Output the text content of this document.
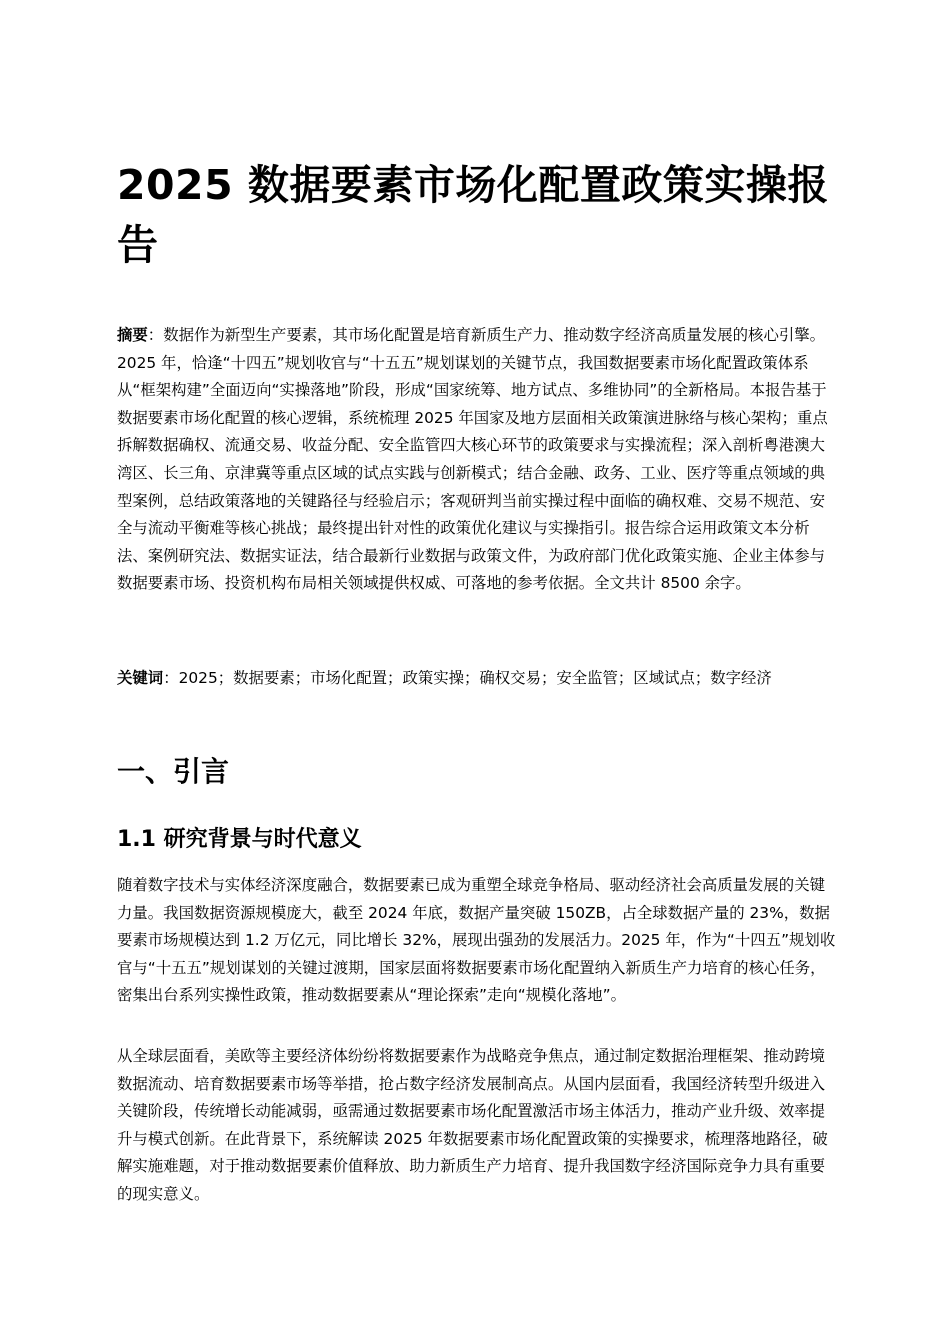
2025 数据要素市场化配置政策实操报告

摘要：数据作为新型生产要素，其市场化配置是培育新质生产力、推动数字经济高质量发展的核心引擎。2025 年，恰逢“十四五”规划收官与“十五五”规划谋划的关键节点，我国数据要素市场化配置政策体系从“框架构建”全面迈向“实操落地”阶段，形成“国家统筹、地方试点、多维协同”的全新格局。本报告基于数据要素市场化配置的核心逻辑，系统梳理 2025 年国家及地方层面相关政策演进脉络与核心架构；重点拆解数据确权、流通交易、收益分配、安全监管四大核心环节的政策要求与实操流程；深入剖析粤港澳大湾区、长三角、京津冀等重点区域的试点实践与创新模式；结合金融、政务、工业、医疗等重点领域的典型案例，总结政策落地的关键路径与经验启示；客观研判当前实操过程中面临的确权难、交易不规范、安全与流动平衡难等核心挑战；最终提出针对性的政策优化建议与实操指引。报告综合运用政策文本分析法、案例研究法、数据实证法，结合最新行业数据与政策文件，为政府部门优化政策实施、企业主体参与数据要素市场、投资机构布局相关领域提供权威、可落地的参考依据。全文共计 8500 余字。

关键词：2025；数据要素；市场化配置；政策实操；确权交易；安全监管；区域试点；数字经济

一、引言
1.1 研究背景与时代意义

随着数字技术与实体经济深度融合，数据要素已成为重塑全球竞争格局、驱动经济社会高质量发展的关键力量。我国数据资源规模庞大，截至 2024 年底，数据产量突破 150ZB，占全球数据产量的 23%，数据要素市场规模达到 1.2 万亿元，同比增长 32%，展现出强劲的发展活力。2025 年，作为“十四五”规划收官与“十五五”规划谋划的关键过渡期，国家层面将数据要素市场化配置纳入新质生产力培育的核心任务，密集出台系列实操性政策，推动数据要素从“理论探索”走向“规模化落地”。

从全球层面看，美欧等主要经济体纷纷将数据要素作为战略竞争焦点，通过制定数据治理框架、推动跨境数据流动、培育数据要素市场等举措，抢占数字经济发展制高点。从国内层面看，我国经济转型升级进入关键阶段，传统增长动能减弱，亟需通过数据要素市场化配置激活市场主体活力，推动产业升级、效率提升与模式创新。在此背景下，系统解读 2025 年数据要素市场化配置政策的实操要求，梳理落地路径，破解实施难题，对于推动数据要素价值释放、助力新质生产力培育、提升我国数字经济国际竞争力具有重要的现实意义。
